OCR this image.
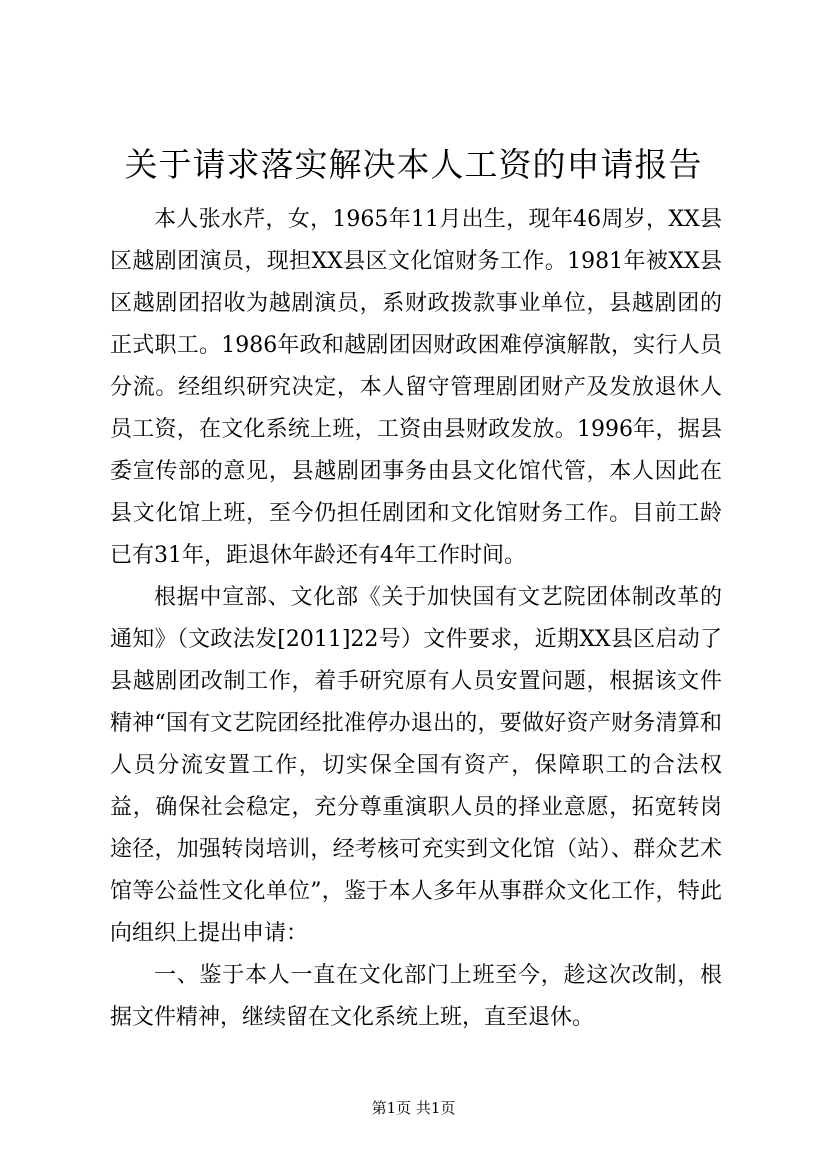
关于请求落实解决本人工资的申请报告

本人张水芹，女，1965年11月出生，现年46周岁，XX县区越剧团演员，现担XX县区文化馆财务工作。1981年被XX县区越剧团招收为越剧演员，系财政拨款事业单位，县越剧团的正式职工。1986年政和越剧团因财政困难停演解散，实行人员分流。经组织研究决定，本人留守管理剧团财产及发放退休人员工资，在文化系统上班，工资由县财政发放。1996年，据县委宣传部的意见，县越剧团事务由县文化馆代管，本人因此在县文化馆上班，至今仍担任剧团和文化馆财务工作。目前工龄已有31年，距退休年龄还有4年工作时间。

根据中宣部、文化部《关于加快国有文艺院团体制改革的通知》（文政法发[2011]22号）文件要求，近期XX县区启动了县越剧团改制工作，着手研究原有人员安置问题，根据该文件精神“国有文艺院团经批准停办退出的，要做好资产财务清算和人员分流安置工作，切实保全国有资产，保障职工的合法权益，确保社会稳定，充分尊重演职人员的择业意愿，拓宽转岗途径，加强转岗培训，经考核可充实到文化馆（站）、群众艺术馆等公益性文化单位”，鉴于本人多年从事群众文化工作，特此向组织上提出申请：

一、鉴于本人一直在文化部门上班至今，趁这次改制，根据文件精神，继续留在文化系统上班，直至退休。

第1页 共1页
